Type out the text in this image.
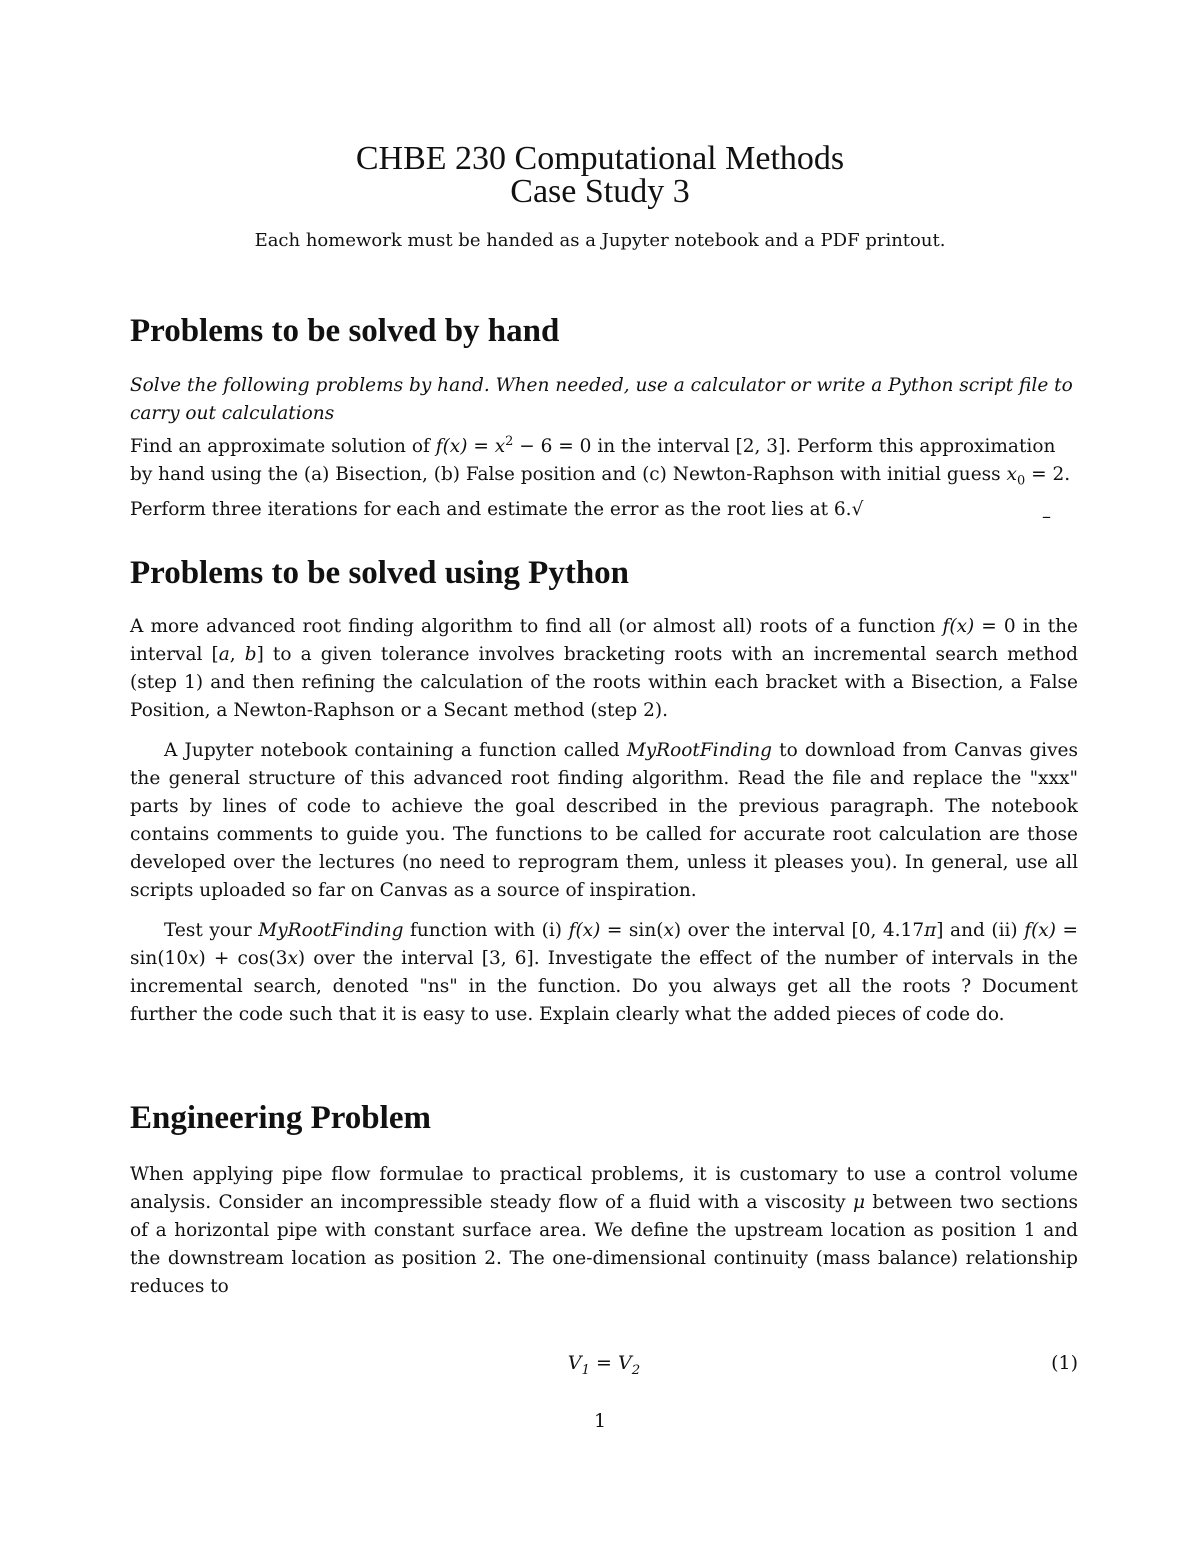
CHBE 230 Computational Methods
Case Study 3
Each homework must be handed as a Jupyter notebook and a PDF printout.
Problems to be solved by hand

Solve the following problems by hand. When needed, use a calculator or write a Python script file to carry out calculations
Find an approximate solution of $f(x) = x^2 - 6 = 0$ in the interval [2, 3]. Perform this approximation by hand using the (a) Bisection, (b) False position and (c) Newton-Raphson with initial guess $x_0 = 2$. Perform three iterations for each and estimate the error as the root lies at 6.√	–
Problems to be solved using Python

A more advanced root finding algorithm to find all (or almost all) roots of a function f(x) = 0 in the interval [a, b] to a given tolerance involves bracketing roots with an incremental search method (step 1) and then refining the calculation of the roots within each bracket with a Bisection, a False Position, a Newton-Raphson or a Secant method (step 2).

A Jupyter notebook containing a function called MyRootFinding to download from Canvas gives the general structure of this advanced root finding algorithm. Read the file and replace the "xxx" parts by lines of code to achieve the goal described in the previous paragraph. The notebook contains comments to guide you. The functions to be called for accurate root calculation are those developed over the lectures (no need to reprogram them, unless it pleases you). In general, use all scripts uploaded so far on Canvas as a source of inspiration.

Test your MyRootFinding function with (i) f(x) = sin(x) over the interval [0, 4.17π] and (ii) f(x) = sin(10x) + cos(3x) over the interval [3, 6]. Investigate the effect of the number of intervals in the incremental search, denoted "ns" in the function. Do you always get all the roots ? Document further the code such that it is easy to use. Explain clearly what the added pieces of code do.

Engineering Problem

When applying pipe flow formulae to practical problems, it is customary to use a control volume analysis. Consider an incompressible steady flow of a fluid with a viscosity μ between two sections of a horizontal pipe with constant surface area. We define the upstream location as position 1 and the downstream location as position 2. The one-dimensional continuity (mass balance) relationship reduces to

$V_1 = V_2$	(1)
1
